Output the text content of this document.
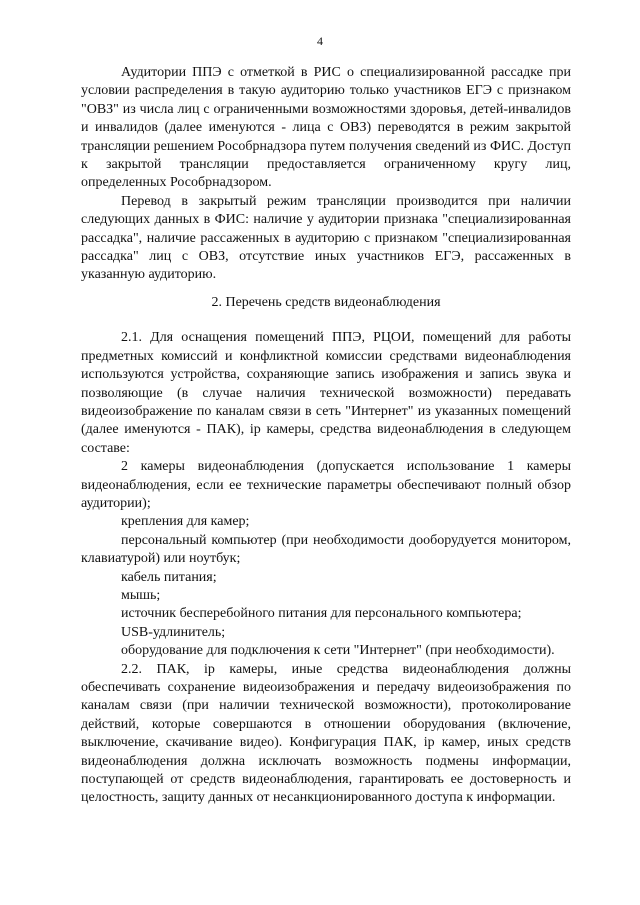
4

Аудитории ППЭ с отметкой в РИС о специализированной рассадке при условии распределения в такую аудиторию только участников ЕГЭ с признаком "ОВЗ" из числа лиц с ограниченными возможностями здоровья, детей-инвалидов и инвалидов (далее именуются - лица с ОВЗ) переводятся в режим закрытой трансляции решением Рособрнадзора путем получения сведений из ФИС. Доступ к закрытой трансляции предоставляется ограниченному кругу лиц, определенных Рособрнадзором.

Перевод в закрытый режим трансляции производится при наличии следующих данных в ФИС: наличие у аудитории признака "специализированная рассадка", наличие рассаженных в аудиторию с признаком "специализированная рассадка" лиц с ОВЗ, отсутствие иных участников ЕГЭ, рассаженных в указанную аудиторию.

2. Перечень средств видеонаблюдения

2.1. Для оснащения помещений ППЭ, РЦОИ, помещений для работы предметных комиссий и конфликтной комиссии средствами видеонаблюдения используются устройства, сохраняющие запись изображения и запись звука и позволяющие (в случае наличия технической возможности) передавать видеоизображение по каналам связи в сеть "Интернет" из указанных помещений (далее именуются - ПАК), ip камеры, средства видеонаблюдения в следующем составе:

2 камеры видеонаблюдения (допускается использование 1 камеры видеонаблюдения, если ее технические параметры обеспечивают полный обзор аудитории);

крепления для камер;

персональный компьютер (при необходимости дооборудуется монитором, клавиатурой) или ноутбук;

кабель питания;

мышь;

источник бесперебойного питания для персонального компьютера;

USB-удлинитель;

оборудование для подключения к сети "Интернет" (при необходимости).

2.2. ПАК, ip камеры, иные средства видеонаблюдения должны обеспечивать сохранение видеоизображения и передачу видеоизображения по каналам связи (при наличии технической возможности), протоколирование действий, которые совершаются в отношении оборудования (включение, выключение, скачивание видео). Конфигурация ПАК, ip камер, иных средств видеонаблюдения должна исключать возможность подмены информации, поступающей от средств видеонаблюдения, гарантировать ее достоверность и целостность, защиту данных от несанкционированного доступа к информации.
